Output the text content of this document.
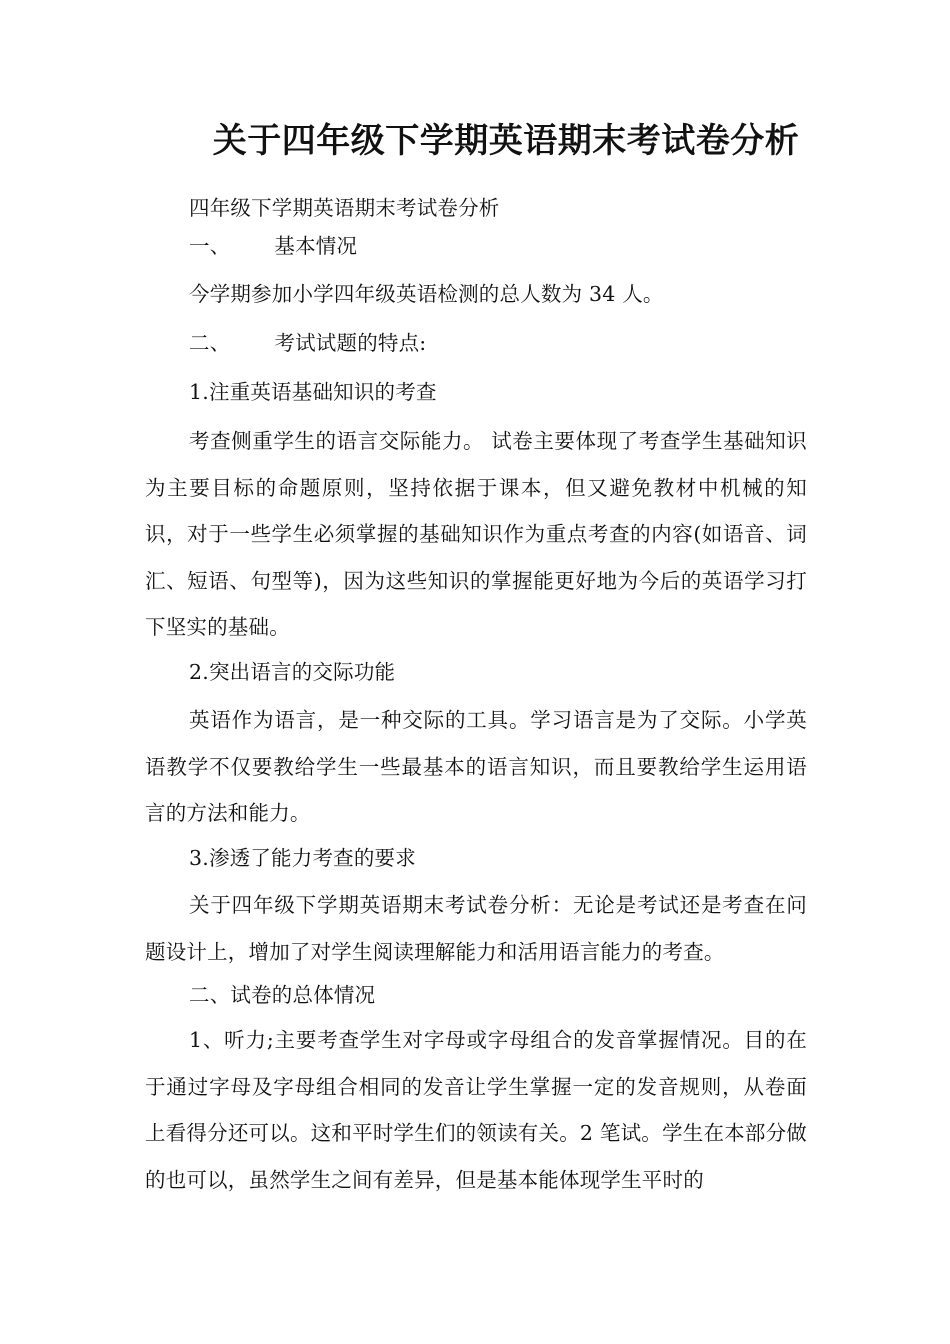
关于四年级下学期英语期末考试卷分析

四年级下学期英语期末考试卷分析

一、 基本情况

今学期参加小学四年级英语检测的总人数为 34 人。

二、 考试试题的特点:

1.注重英语基础知识的考查

考查侧重学生的语言交际能力。 试卷主要体现了考查学生基础知识为主要目标的命题原则，坚持依据于课本，但又避免教材中机械的知识，对于一些学生必须掌握的基础知识作为重点考查的内容(如语音、词汇、短语、句型等)，因为这些知识的掌握能更好地为今后的英语学习打下坚实的基础。

2.突出语言的交际功能

英语作为语言，是一种交际的工具。学习语言是为了交际。小学英语教学不仅要教给学生一些最基本的语言知识，而且要教给学生运用语言的方法和能力。

3.渗透了能力考查的要求

关于四年级下学期英语期末考试卷分析：无论是考试还是考查在问题设计上，增加了对学生阅读理解能力和活用语言能力的考查。

二、试卷的总体情况

1、听力;主要考查学生对字母或字母组合的发音掌握情况。目的在于通过字母及字母组合相同的发音让学生掌握一定的发音规则，从卷面上看得分还可以。这和平时学生们的领读有关。2 笔试。学生在本部分做的也可以，虽然学生之间有差异，但是基本能体现学生平时的
